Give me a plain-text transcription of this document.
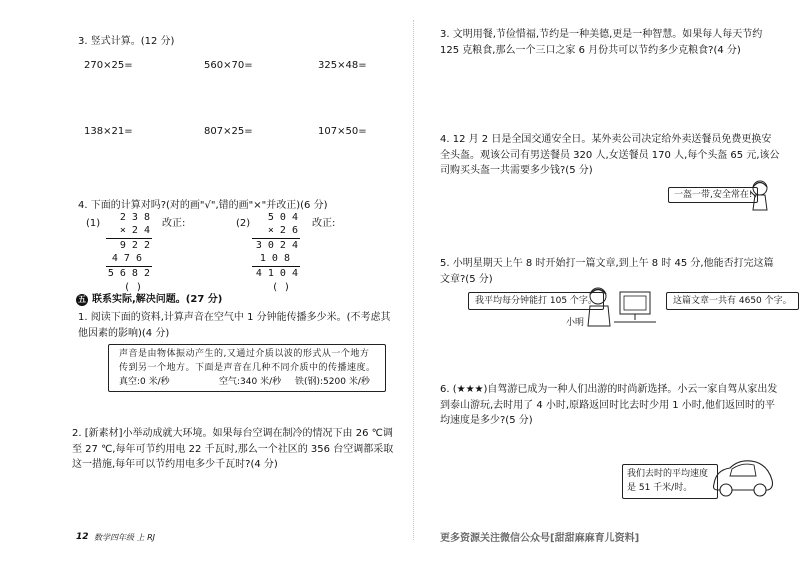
3. 竖式计算。(12 分)
270×25=	560×70=	325×48=
138×21=	807×25=	107×50=
4. 下面的计算对吗?(对的画"√",错的画"×"并改正)(6 分)
(1)
2 3 8
× 2 4
9 2 2
4 7 6
5 6 8 2
( )
改正:	(2)
5 0 4
× 2 6
3 0 2 4
1 0 8
4 1 0 4
( )
改正:
五 联系实际,解决问题。(27 分)
1. 阅读下面的资料,计算声音在空气中 1 分钟能传播多少米。(不考虑其他因素的影响)(4 分)
声音是由物体振动产生的,又通过介质以波的形式从一个地方传到另一个地方。下面是声音在几种不同介质中的传播速度。
真空:0 米/秒	空气:340 米/秒 铁(钢):5200 米/秒
2. [新素材]小举动成就大环境。如果每台空调在制冷的情况下由 26 ℃调至 27 ℃,每年可节约用电 22 千瓦时,那么一个社区的 356 台空调都采取这一措施,每年可以节约用电多少千瓦时?(4 分)
12 数学四年级 上 RJ
3. 文明用餐,节俭惜福,节约是一种美德,更是一种智慧。如果每人每天节约 125 克粮食,那么一个三口之家 6 月份共可以节约多少克粮食?(4 分)
4. 12 月 2 日是全国交通安全日。某外卖公司决定给外卖送餐员免费更换安全头盔。观该公司有男送餐员 320 人,女送餐员 170 人,每个头盔 65 元,该公司购买头盔一共需要多少钱?(5 分)
一盔一带,安全常在!
5. 小明星期天上午 8 时开始打一篇文章,到上午 8 时 45 分,他能否打完这篇文章?(5 分)
我平均每分钟能打 105 个字。	这篇文章一共有 4650 个字。
小明
6. (★★★)自驾游已成为一种人们出游的时尚新选择。小云一家自驾从家出发到泰山游玩,去时用了 4 小时,原路返回时比去时少用 1 小时,他们返回时的平均速度是多少?(5 分)
我们去时的平均速度是 51 千米/时。
更多资源关注微信公众号[甜甜麻麻育儿资料]
